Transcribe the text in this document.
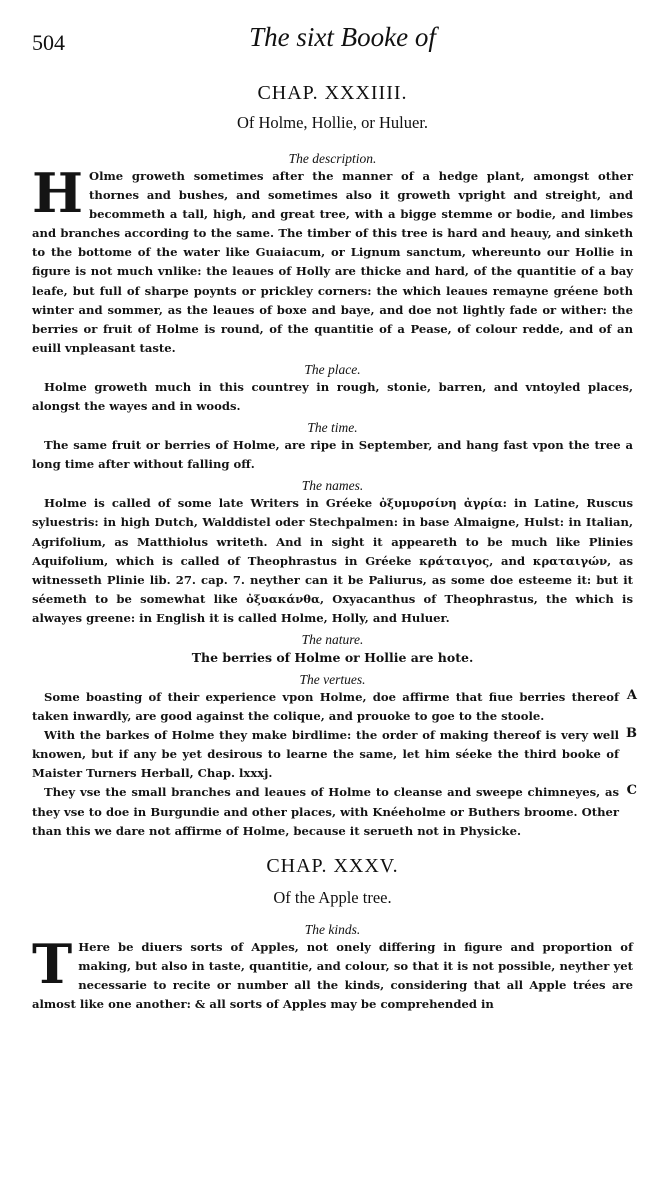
504	The sixt Booke of
CHAP. XXXIIII.
Of Holme, Hollie, or Huluer.
The description.

H Olme groweth sometimes after the manner of a hedge plant, amongst other thornes and bushes, and sometimes also it groweth vpright and streight, and becommeth a tall, high, and great tree, with a bigge stemme or bodie, and limbes and branches according to the same. The timber of this tree is hard and heauy, and sinketh to the bottome of the water like Guaiacum, or Lignum sanctum, whereunto our Hollie in figure is not much vnlike: the leaues of Holly are thicke and hard, of the quantitie of a bay leafe, but full of sharpe poynts or prickley corners: the which leaues remayne gréene both winter and sommer, as the leaues of boxe and baye, and doe not lightly fade or wither: the berries or fruit of Holme is round, of the quantitie of a Pease, of colour redde, and of an euill vnpleasant taste.

The place.

Holme groweth much in this countrey in rough, stonie, barren, and vntoyled places, alongst the wayes and in woods.

The time.

The same fruit or berries of Holme, are ripe in September, and hang fast vpon the tree a long time after without falling off.

The names.

Holme is called of some late Writers in Gréeke ὀξυμυρσίνη ἀγρία: in Latine, Ruscus syluestris: in high Dutch, Walddistel oder Stechpalmen: in base Almaigne, Hulst: in Italian, Agrifolium, as Matthiolus writeth. And in sight it appeareth to be much like Plinies Aquifolium, which is called of Theophrastus in Gréeke κράταιγος, and κραταιγών, as witnesseth Plinie lib. 27. cap. 7. neyther can it be Paliurus, as some doe esteeme it: but it séemeth to be somewhat like ὀξυακάνθα, Oxyacanthus of Theophrastus, the which is alwayes greene: in English it is called Holme, Holly, and Huluer.

The nature.
The berries of Holme or Hollie are hote.
The vertues.

Some boasting of their experience vpon Holme, doe affirme that fiue berries thereof taken inwardly, are good against the colique, and prouoke to goe to the stoole.

A

With the barkes of Holme they make birdlime: the order of making thereof is very well knowen, but if any be yet desirous to learne the same, let him séeke the third booke of Maister Turners Herball, Chap. lxxxj.

B

They vse the small branches and leaues of Holme to cleanse and sweepe chimneyes, as they vse to doe in Burgundie and other places, with Knéeholme or Buthers broome. Other than this we dare not affirme of Holme, because it serueth not in Physicke.

C
CHAP. XXXV.
Of the Apple tree.
The kinds.

T Here be diuers sorts of Apples, not onely differing in figure and proportion of making, but also in taste, quantitie, and colour, so that it is not possible, neyther yet necessarie to recite or number all the kinds, considering that all Apple trées are almost like one another: & all sorts of Apples may be comprehended in
